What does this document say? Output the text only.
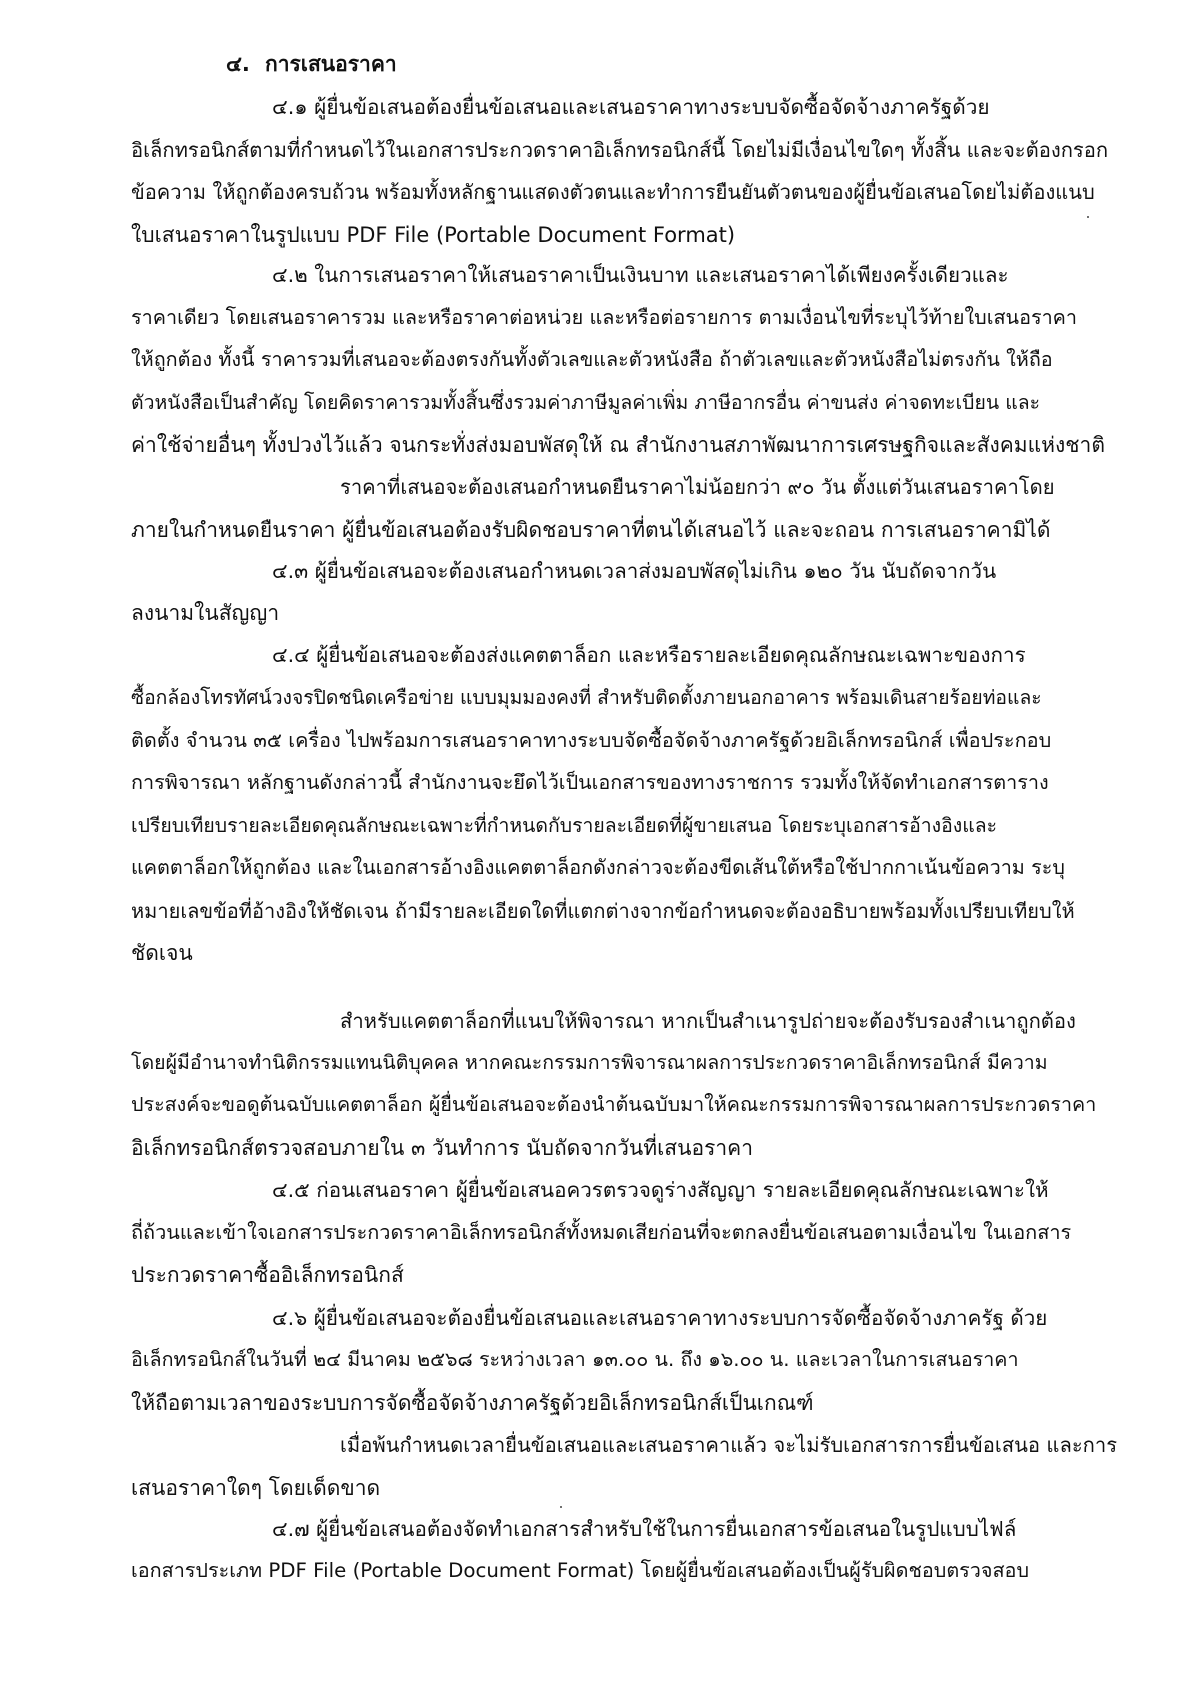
๔. การเสนอราคา
๔.๑ ผู้ยื่นข้อเสนอต้องยื่นข้อเสนอและเสนอราคาทางระบบจัดซื้อจัดจ้างภาครัฐด้วย
อิเล็กทรอนิกส์ตามที่กำหนดไว้ในเอกสารประกวดราคาอิเล็กทรอนิกส์นี้ โดยไม่มีเงื่อนไขใดๆ ทั้งสิ้น และจะต้องกรอก
ข้อความ ให้ถูกต้องครบถ้วน พร้อมทั้งหลักฐานแสดงตัวตนและทำการยืนยันตัวตนของผู้ยื่นข้อเสนอโดยไม่ต้องแนบ
ใบเสนอราคาในรูปแบบ PDF File (Portable Document Format)
๔.๒ ในการเสนอราคาให้เสนอราคาเป็นเงินบาท และเสนอราคาได้เพียงครั้งเดียวและ
ราคาเดียว โดยเสนอราคารวม และหรือราคาต่อหน่วย และหรือต่อรายการ ตามเงื่อนไขที่ระบุไว้ท้ายใบเสนอราคา
ให้ถูกต้อง ทั้งนี้ ราคารวมที่เสนอจะต้องตรงกันทั้งตัวเลขและตัวหนังสือ ถ้าตัวเลขและตัวหนังสือไม่ตรงกัน ให้ถือ
ตัวหนังสือเป็นสำคัญ โดยคิดราคารวมทั้งสิ้นซึ่งรวมค่าภาษีมูลค่าเพิ่ม ภาษีอากรอื่น ค่าขนส่ง ค่าจดทะเบียน และ
ค่าใช้จ่ายอื่นๆ ทั้งปวงไว้แล้ว จนกระทั่งส่งมอบพัสดุให้ ณ สำนักงานสภาพัฒนาการเศรษฐกิจและสังคมแห่งชาติ
ราคาที่เสนอจะต้องเสนอกำหนดยืนราคาไม่น้อยกว่า ๙๐ วัน ตั้งแต่วันเสนอราคาโดย
ภายในกำหนดยืนราคา ผู้ยื่นข้อเสนอต้องรับผิดชอบราคาที่ตนได้เสนอไว้ และจะถอน การเสนอราคามิได้
๔.๓ ผู้ยื่นข้อเสนอจะต้องเสนอกำหนดเวลาส่งมอบพัสดุไม่เกิน ๑๒๐ วัน นับถัดจากวัน
ลงนามในสัญญา
๔.๔ ผู้ยื่นข้อเสนอจะต้องส่งแคตตาล็อก และหรือรายละเอียดคุณลักษณะเฉพาะของการ
ซื้อกล้องโทรทัศน์วงจรปิดชนิดเครือข่าย แบบมุมมองคงที่ สำหรับติดตั้งภายนอกอาคาร พร้อมเดินสายร้อยท่อและ
ติดตั้ง จำนวน ๓๕ เครื่อง ไปพร้อมการเสนอราคาทางระบบจัดซื้อจัดจ้างภาครัฐด้วยอิเล็กทรอนิกส์ เพื่อประกอบ
การพิจารณา หลักฐานดังกล่าวนี้ สำนักงานจะยึดไว้เป็นเอกสารของทางราชการ รวมทั้งให้จัดทำเอกสารตาราง
เปรียบเทียบรายละเอียดคุณลักษณะเฉพาะที่กำหนดกับรายละเอียดที่ผู้ขายเสนอ โดยระบุเอกสารอ้างอิงและ
แคตตาล็อกให้ถูกต้อง และในเอกสารอ้างอิงแคตตาล็อกดังกล่าวจะต้องขีดเส้นใต้หรือใช้ปากกาเน้นข้อความ ระบุ
หมายเลขข้อที่อ้างอิงให้ชัดเจน ถ้ามีรายละเอียดใดที่แตกต่างจากข้อกำหนดจะต้องอธิบายพร้อมทั้งเปรียบเทียบให้
ชัดเจน
สำหรับแคตตาล็อกที่แนบให้พิจารณา หากเป็นสำเนารูปถ่ายจะต้องรับรองสำเนาถูกต้อง
โดยผู้มีอำนาจทำนิติกรรมแทนนิติบุคคล หากคณะกรรมการพิจารณาผลการประกวดราคาอิเล็กทรอนิกส์ มีความ
ประสงค์จะขอดูต้นฉบับแคตตาล็อก ผู้ยื่นข้อเสนอจะต้องนำต้นฉบับมาให้คณะกรรมการพิจารณาผลการประกวดราคา
อิเล็กทรอนิกส์ตรวจสอบภายใน ๓ วันทำการ นับถัดจากวันที่เสนอราคา
๔.๕ ก่อนเสนอราคา ผู้ยื่นข้อเสนอควรตรวจดูร่างสัญญา รายละเอียดคุณลักษณะเฉพาะให้
ถี่ถ้วนและเข้าใจเอกสารประกวดราคาอิเล็กทรอนิกส์ทั้งหมดเสียก่อนที่จะตกลงยื่นข้อเสนอตามเงื่อนไข ในเอกสาร
ประกวดราคาซื้ออิเล็กทรอนิกส์
๔.๖ ผู้ยื่นข้อเสนอจะต้องยื่นข้อเสนอและเสนอราคาทางระบบการจัดซื้อจัดจ้างภาครัฐ ด้วย
อิเล็กทรอนิกส์ในวันที่ ๒๔ มีนาคม ๒๕๖๘ ระหว่างเวลา ๑๓.๐๐ น. ถึง ๑๖.๐๐ น. และเวลาในการเสนอราคา
ให้ถือตามเวลาของระบบการจัดซื้อจัดจ้างภาครัฐด้วยอิเล็กทรอนิกส์เป็นเกณฑ์
เมื่อพ้นกำหนดเวลายื่นข้อเสนอและเสนอราคาแล้ว จะไม่รับเอกสารการยื่นข้อเสนอ และการ
เสนอราคาใดๆ โดยเด็ดขาด
๔.๗ ผู้ยื่นข้อเสนอต้องจัดทำเอกสารสำหรับใช้ในการยื่นเอกสารข้อเสนอในรูปแบบไฟล์
เอกสารประเภท PDF File (Portable Document Format) โดยผู้ยื่นข้อเสนอต้องเป็นผู้รับผิดชอบตรวจสอบ
